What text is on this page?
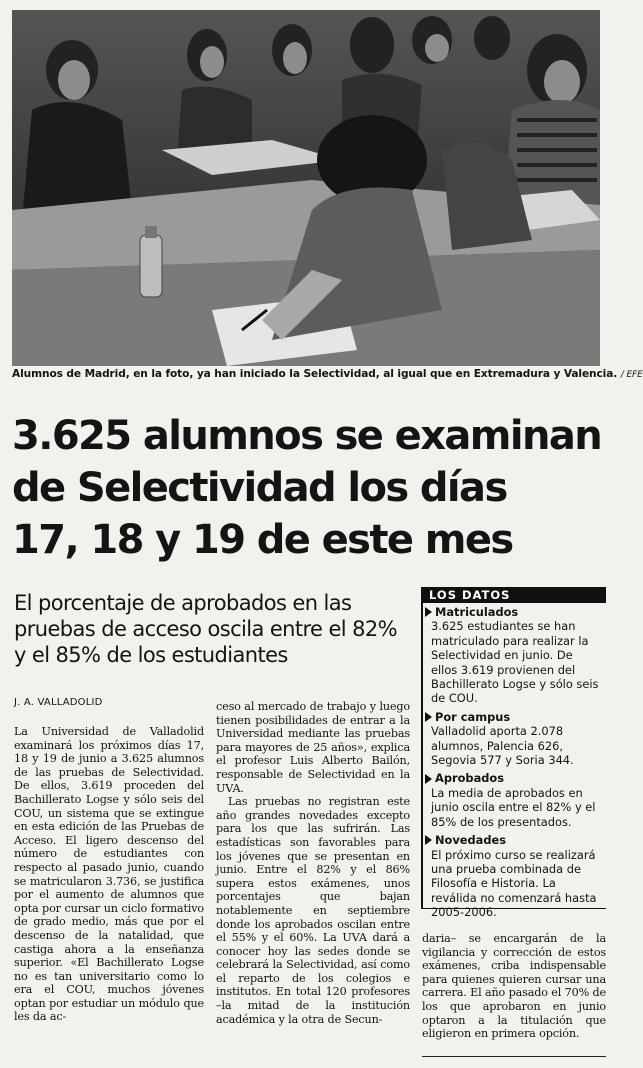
Alumnos de Madrid, en la foto, ya han iniciado la Selectividad, al igual que en Extremadura y Valencia. / EFE
3.625 alumnos se examinan
de Selectividad los días
17, 18 y 19 de este mes
El porcentaje de aprobados en las pruebas de acceso oscila entre el 82% y el 85% de los estudiantes
LOS DATOS
Matriculados
3.625 estudiantes se han matriculado para realizar la Selectividad en junio. De ellos 3.619 provienen del Bachillerato Logse y sólo seis de COU.
Por campus
Valladolid aporta 2.078 alumnos, Palencia 626, Segovia 577 y Soria 344.
Aprobados
La media de aprobados en junio oscila entre el 82% y el 85% de los presentados.
Novedades
El próximo curso se realizará una prueba combinada de Filosofía e Historia. La reválida no comenzará hasta 2005-2006.
J. A. VALLADOLID

La Universidad de Valladolid examinará los próximos días 17, 18 y 19 de junio a 3.625 alumnos de las pruebas de Selectividad. De ellos, 3.619 proceden del Bachillerato Logse y sólo seis del COU, un sistema que se extingue en esta edición de las Pruebas de Acceso. El ligero descenso del número de estudiantes con respecto al pasado junio, cuando se matricularon 3.736, se justifica por el aumento de alumnos que opta por cursar un ciclo formativo de grado medio, más que por el descenso de la natalidad, que castiga ahora a la enseñanza superior. «El Bachillerato Logse no es tan universitario como lo era el COU, muchos jóvenes optan por estudiar un módulo que les da ac-

ceso al mercado de trabajo y luego tienen posibilidades de entrar a la Universidad mediante las pruebas para mayores de 25 años», explica el profesor Luis Alberto Bailón, responsable de Selectividad en la UVA.

Las pruebas no registran este año grandes novedades excepto para los que las sufrirán. Las estadísticas son favorables para los jóvenes que se presentan en junio. Entre el 82% y el 86% supera estos exámenes, unos porcentajes que bajan notablemente en septiembre donde los aprobados oscilan entre el 55% y el 60%. La UVA dará a conocer hoy las sedes donde se celebrará la Selectividad, así como el reparto de los colegios e institutos. En total 120 profesores –la mitad de la institución académica y la otra de Secun-

daria– se encargarán de la vigilancia y corrección de estos exámenes, criba indispensable para quienes quieren cursar una carrera. El año pasado el 70% de los que aprobaron en junio optaron a la titulación que eligieron en primera opción.
